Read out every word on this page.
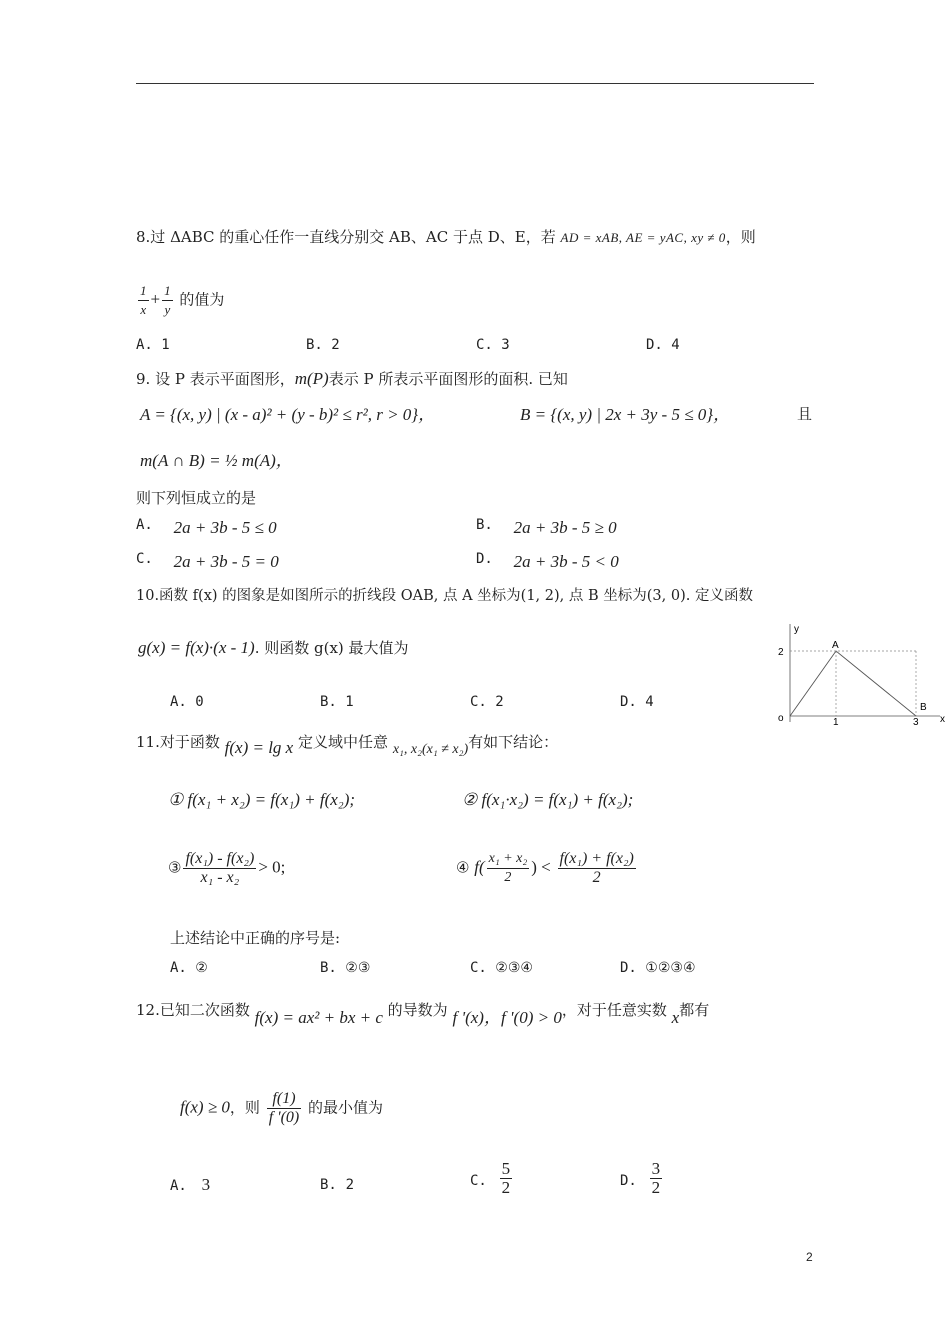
8.过 ΔABC 的重心任作一直线分别交 AB、AC 于点 D、E，若 AD = xAB, AE = yAC, xy ≠ 0，则
$\frac{1}{x} + \frac{1}{y}$ 的值为
A. 1	B. 2	C. 3	D. 4
9. 设 P 表示平面图形，m(P)表示 P 所表示平面图形的面积. 已知
A = {(x, y) | (x - a)² + (y - b)² ≤ r², r > 0}，	B = {(x, y) | 2x + 3y - 5 ≤ 0}，	且
m(A ∩ B) = ½ m(A)，
则下列恒成立的是
A. 2a + 3b - 5 ≤ 0	B. 2a + 3b - 5 ≥ 0
C. 2a + 3b - 5 = 0	D. 2a + 3b - 5 < 0
10.函数 f(x) 的图象是如图所示的折线段 OAB, 点 A 坐标为(1, 2), 点 B 坐标为(3, 0). 定义函数
g(x) = f(x)·(x - 1). 则函数 g(x) 最大值为
A. 0	B. 1	C. 2	D. 4
y
x
A
B
o
2
1	3
11.对于函数 f(x) = lg x 定义域中任意 x₁, x₂(x₁ ≠ x₂)有如下结论：
① f(x₁ + x₂) = f(x₁) + f(x₂);	② f(x₁·x₂) = f(x₁) + f(x₂);
③ $\frac{\text{f(x₁) - f(x₂)}}{\text{x₁ - x₂}} > 0$;	④ $f( \frac{\text{x₁ + x₂}}{2}$ ) < $\frac{\text{f(x₁) + f(x₂)}}{2}$
上述结论中正确的序号是:
A. ②	B. ②③	C. ②③④	D. ①②③④
12.已知二次函数 f(x) = ax² + bx + c 的导数为 f '(x)，f '(0) > 0，对于任意实数 x都有
f(x) ≥ 0，则 $\frac{f(1)}{f '(0)}$ 的最小值为
A. 3	B. 2	C. $\frac{5}{2}$	D. $\frac{3}{2}$
2
